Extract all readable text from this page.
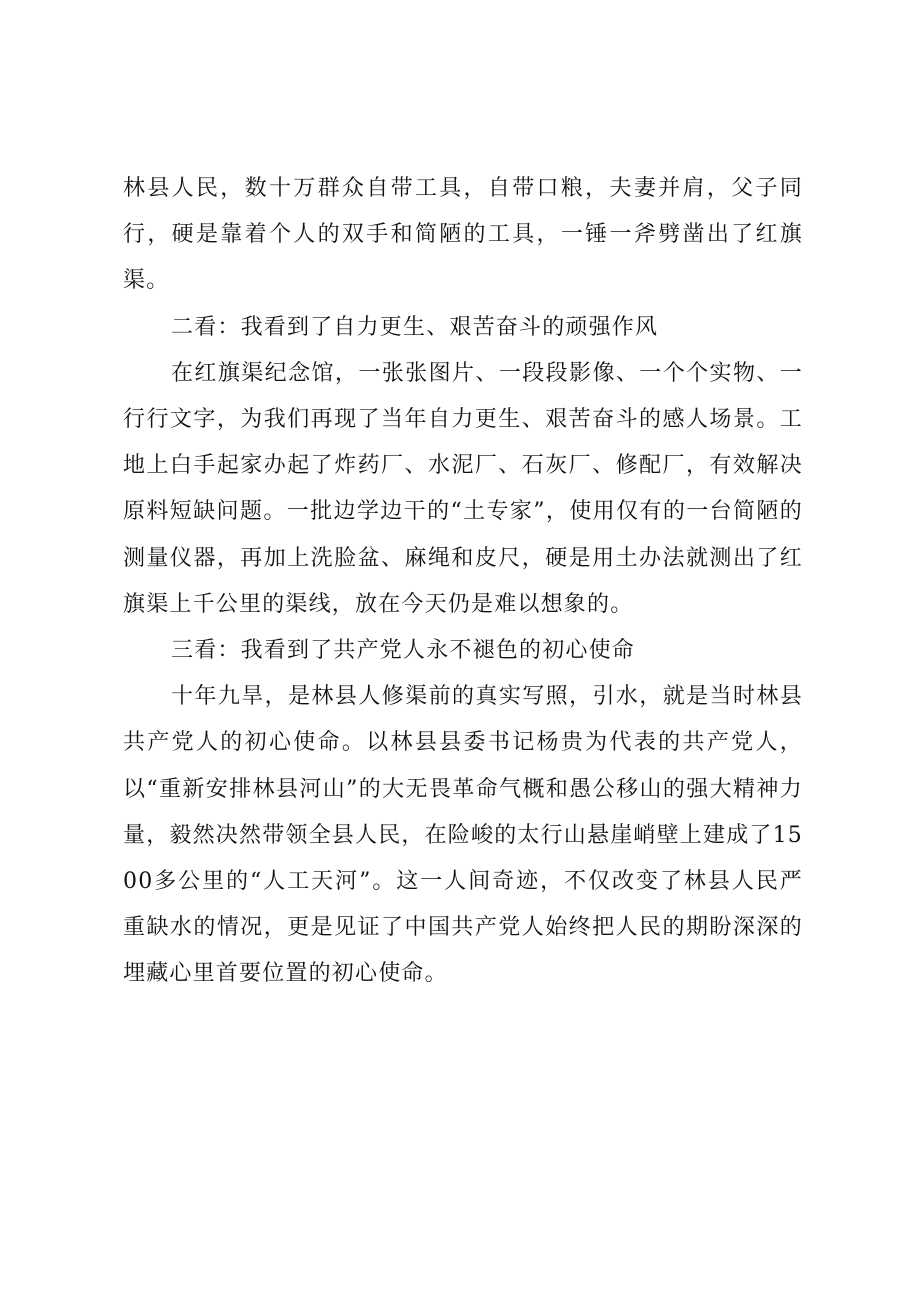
林县人民，数十万群众自带工具，自带口粮，夫妻并肩，父子同行，硬是靠着个人的双手和简陋的工具，一锤一斧劈凿出了红旗渠。

二看：我看到了自力更生、艰苦奋斗的顽强作风

在红旗渠纪念馆，一张张图片、一段段影像、一个个实物、一行行文字，为我们再现了当年自力更生、艰苦奋斗的感人场景。工地上白手起家办起了炸药厂、水泥厂、石灰厂、修配厂，有效解决原料短缺问题。一批边学边干的“土专家”，使用仅有的一台简陋的测量仪器，再加上洗脸盆、麻绳和皮尺，硬是用土办法就测出了红旗渠上千公里的渠线，放在今天仍是难以想象的。

三看：我看到了共产党人永不褪色的初心使命

十年九旱，是林县人修渠前的真实写照，引水，就是当时林县共产党人的初心使命。以林县县委书记杨贵为代表的共产党人，以“重新安排林县河山”的大无畏革命气概和愚公移山的强大精神力量，毅然决然带领全县人民，在险峻的太行山悬崖峭壁上建成了1500多公里的“人工天河”。这一人间奇迹，不仅改变了林县人民严重缺水的情况，更是见证了中国共产党人始终把人民的期盼深深的埋藏心里首要位置的初心使命。
